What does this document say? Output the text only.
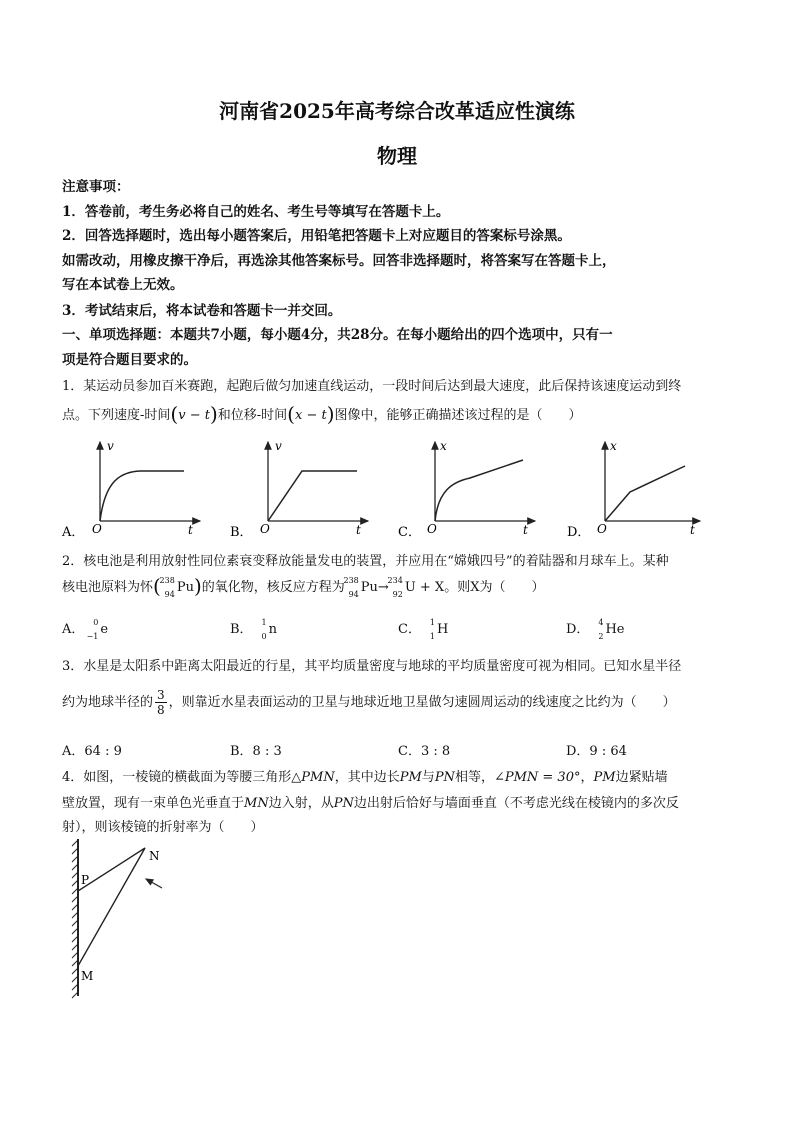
河南省2025年高考综合改革适应性演练
物理
注意事项：
1．答卷前，考生务必将自己的姓名、考生号等填写在答题卡上。
2．回答选择题时，选出每小题答案后，用铅笔把答题卡上对应题目的答案标号涂黑。
如需改动，用橡皮擦干净后，再选涂其他答案标号。回答非选择题时，将答案写在答题卡上，
写在本试卷上无效。
3．考试结束后，将本试卷和答题卡一并交回。
一、单项选择题：本题共7小题，每小题4分，共28分。在每小题给出的四个选项中，只有一
项是符合题目要求的。
1．某运动员参加百米赛跑，起跑后做匀加速直线运动，一段时间后达到最大速度，此后保持该速度运动到终
点。下列速度-时间(v − t)和位移-时间(x − t)图像中，能够正确描述该过程的是（　　）
v
O	t
A．
v
O	t
B．
x
O	t
C．
x
O	t
D．
2．核电池是利用放射性同位素衰变释放能量发电的装置，并应用在“嫦娥四号”的着陆器和月球车上。某种
核电池原料为怀(
238
94 Pu)的氧化物，核反应方程为
238
94 Pu→
234
92 U + X。则X为（　　）
A． 0
−1 e	B． 1
0 n	C． 1
1 H	D． 4
2 He
3．水星是太阳系中距离太阳最近的行星，其平均质量密度与地球的平均质量密度可视为相同。已知水星半径
约为地球半径的 $\frac{3}{8}$ ，则靠近水星表面运动的卫星与地球近地卫星做匀速圆周运动的线速度之比约为（　　）
A．64 : 9	B．8 : 3	C．3 : 8	D．9 : 64
4．如图，一棱镜的横截面为等腰三角形△PMN，其中边长PM与PN相等，∠PMN = 30°，PM边紧贴墙
壁放置，现有一束单色光垂直于MN边入射，从PN边出射后恰好与墙面垂直（不考虑光线在棱镜内的多次反
射），则该棱镜的折射率为（　　）
P
N
M
